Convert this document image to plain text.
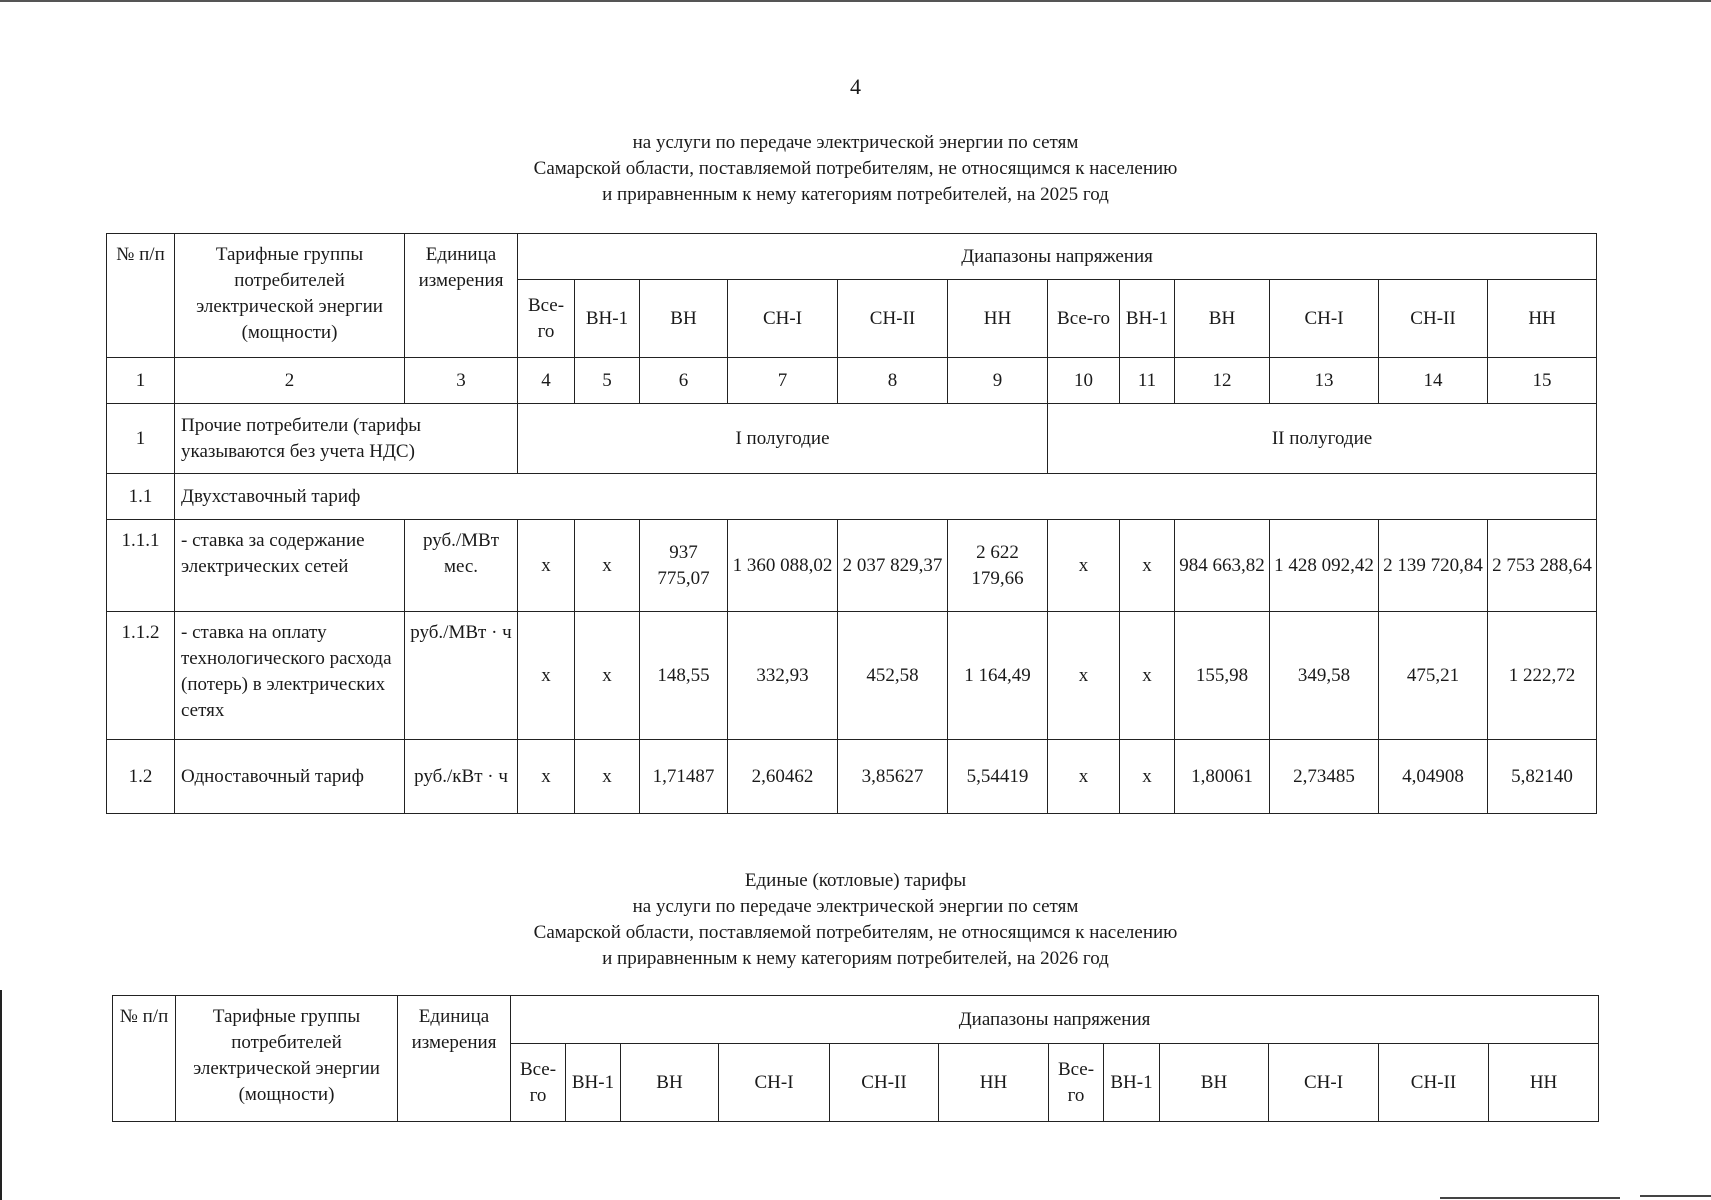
4
на услуги по передаче электрической энергии по сетям
Самарской области, поставляемой потребителям, не относящимся к населению
и приравненным к нему категориям потребителей, на 2025 год
№ п/п	Тарифные группы потребителей электрической энергии (мощности)	Единица измерения	Диапазоны напряжения											
			Все-го	ВН-1	ВН	СН-I	СН-II	НН	Все-го	ВН-1	ВН	СН-I	СН-II	НН
1	2	3	4	5	6	7	8	9	10	11	12	13	14	15
1	Прочие потребители (тарифы указываются без учета НДС)		I полугодие						II полугодие					
1.1	Двухставочный тариф													
1.1.1	- ставка за содержание электрических сетей	руб./МВт мес.	х	х	937 775,07	1 360 088,02	2 037 829,37	2 622 179,66	х	х	984 663,82	1 428 092,42	2 139 720,84	2 753 288,64
1.1.2	- ставка на оплату технологического расхода (потерь) в электрических сетях	руб./МВт · ч	х	х	148,55	332,93	452,58	1 164,49	х	х	155,98	349,58	475,21	1 222,72
1.2	Одноставочный тариф	руб./кВт · ч	х	х	1,71487	2,60462	3,85627	5,54419	х	х	1,80061	2,73485	4,04908	5,82140
Единые (котловые) тарифы
на услуги по передаче электрической энергии по сетям
Самарской области, поставляемой потребителям, не относящимся к населению
и приравненным к нему категориям потребителей, на 2026 год
№ п/п	Тарифные группы потребителей электрической энергии (мощности)	Единица измерения	Диапазоны напряжения											
			Все-го	ВН-1	ВН	СН-I	СН-II	НН	Все-го	ВН-1	ВН	СН-I	СН-II	НН
